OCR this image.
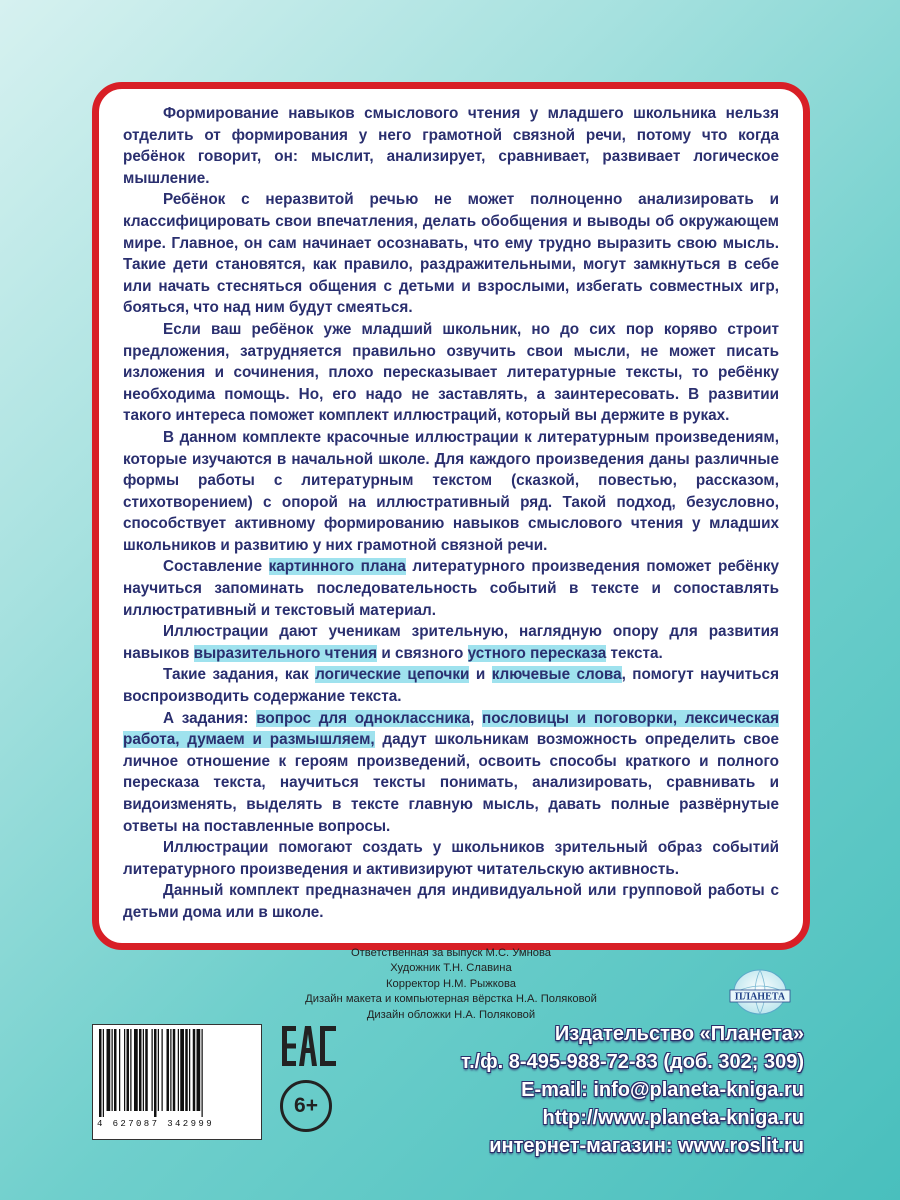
Формирование навыков смыслового чтения у младшего школьника нельзя отделить от формирования у него грамотной связной речи, потому что когда ребёнок говорит, он: мыслит, анализирует, сравнивает, развивает логическое мышление.

Ребёнок с неразвитой речью не может полноценно анализировать и классифицировать свои впечатления, делать обобщения и выводы об окружающем мире. Главное, он сам начинает осознавать, что ему трудно выразить свою мысль. Такие дети становятся, как правило, раздражительными, могут замкнуться в себе или начать стесняться общения с детьми и взрослыми, избегать совместных игр, бояться, что над ним будут смеяться.

Если ваш ребёнок уже младший школьник, но до сих пор коряво строит предложения, затрудняется правильно озвучить свои мысли, не может писать изложения и сочинения, плохо пересказывает литературные тексты, то ребёнку необходима помощь. Но, его надо не заставлять, а заинтересовать. В развитии такого интереса поможет комплект иллюстраций, который вы держите в руках.

В данном комплекте красочные иллюстрации к литературным произведениям, которые изучаются в начальной школе. Для каждого произведения даны различные формы работы с литературным текстом (сказкой, повестью, рассказом, стихотворением) с опорой на иллюстративный ряд. Такой подход, безусловно, способствует активному формированию навыков смыслового чтения у младших школьников и развитию у них грамотной связной речи.

Составление картинного плана литературного произведения поможет ребёнку научиться запоминать последовательность событий в тексте и сопоставлять иллюстративный и текстовый материал.

Иллюстрации дают ученикам зрительную, наглядную опору для развития навыков выразительного чтения и связного устного пересказа текста.

Такие задания, как логические цепочки и ключевые слова, помогут научиться воспроизводить содержание текста.

А задания: вопрос для одноклассника, пословицы и поговорки, лексическая работа, думаем и размышляем, дадут школьникам возможность определить свое личное отношение к героям произведений, освоить способы краткого и полного пересказа текста, научиться тексты понимать, анализировать, сравнивать и видоизменять, выделять в тексте главную мысль, давать полные развёрнутые ответы на поставленные вопросы.

Иллюстрации помогают создать у школьников зрительный образ событий литературного произведения и активизируют читательскую активность.

Данный комплект предназначен для индивидуальной или групповой работы с детьми дома или в школе.

Ответственная за выпуск М.С. Умнова
Художник Т.Н. Славина
Корректор Н.М. Рыжкова
Дизайн макета и компьютерная вёрстка Н.А. Поляковой
Дизайн обложки Н.А. Поляковой
4 627087 342999
6+
ПЛАНЕТА
Издательство «Планета»
т./ф. 8-495-988-72-83 (доб. 302; 309)
E-mail: info@planeta-kniga.ru
http://www.planeta-kniga.ru
интернет-магазин: www.roslit.ru
